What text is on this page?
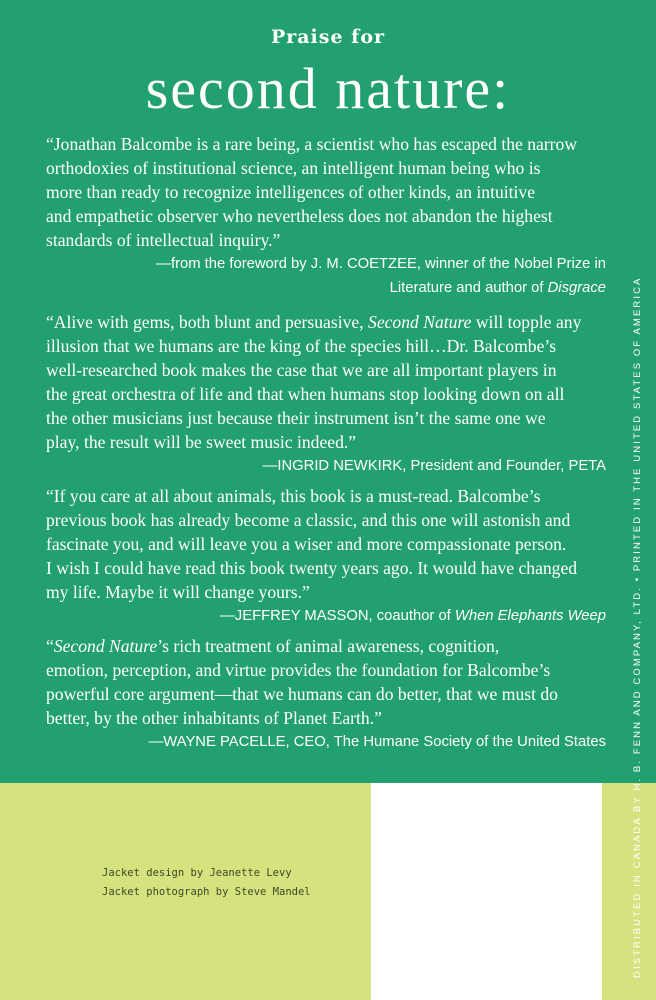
Praise for
second nature:
“Jonathan Balcombe is a rare being, a scientist who has escaped the narrow
orthodoxies of institutional science, an intelligent human being who is
more than ready to recognize intelligences of other kinds, an intuitive
and empathetic observer who nevertheless does not abandon the highest
standards of intellectual inquiry.”
—from the foreword by J. M. COETZEE, winner of the Nobel Prize in
Literature and author of Disgrace
“Alive with gems, both blunt and persuasive, Second Nature will topple any
illusion that we humans are the king of the species hill…Dr. Balcombe’s
well-researched book makes the case that we are all important players in
the great orchestra of life and that when humans stop looking down on all
the other musicians just because their instrument isn’t the same one we
play, the result will be sweet music indeed.”
—INGRID NEWKIRK, President and Founder, PETA
“If you care at all about animals, this book is a must-read. Balcombe’s
previous book has already become a classic, and this one will astonish and
fascinate you, and will leave you a wiser and more compassionate person.
I wish I could have read this book twenty years ago. It would have changed
my life. Maybe it will change yours.”
—JEFFREY MASSON, coauthor of When Elephants Weep
“Second Nature’s rich treatment of animal awareness, cognition,
emotion, perception, and virtue provides the foundation for Balcombe’s
powerful core argument—that we humans can do better, that we must do
better, by the other inhabitants of Planet Earth.”
—WAYNE PACELLE, CEO, The Humane Society of the United States
Jacket design by Jeanette Levy
Jacket photograph by Steve Mandel	DISTRIBUTED IN CANADA BY H. B. FENN AND COMPANY, LTD. • PRINTED IN THE UNITED STATES OF AMERICA
